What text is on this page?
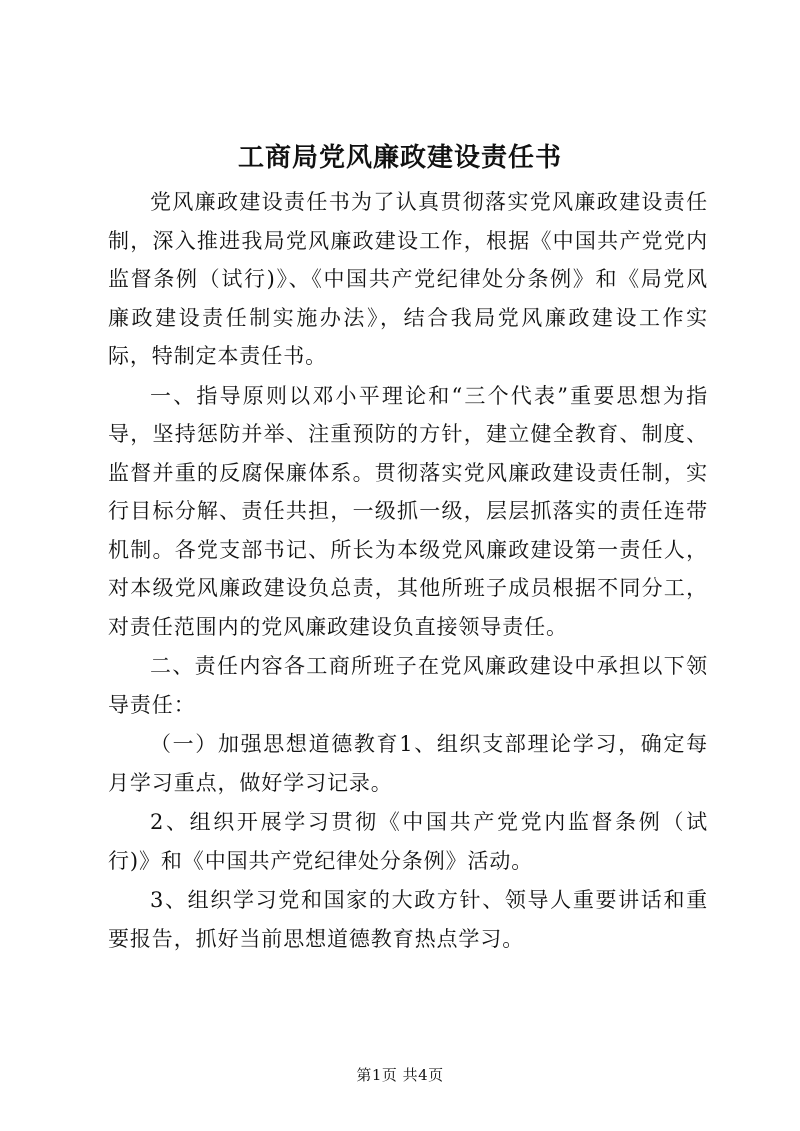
工商局党风廉政建设责任书

党风廉政建设责任书为了认真贯彻落实党风廉政建设责任制，深入推进我局党风廉政建设工作，根据《中国共产党党内监督条例（试行)》、《中国共产党纪律处分条例》和《局党风廉政建设责任制实施办法》，结合我局党风廉政建设工作实际，特制定本责任书。

一、指导原则以邓小平理论和“三个代表”重要思想为指导，坚持惩防并举、注重预防的方针，建立健全教育、制度、监督并重的反腐保廉体系。贯彻落实党风廉政建设责任制，实行目标分解、责任共担，一级抓一级，层层抓落实的责任连带机制。各党支部书记、所长为本级党风廉政建设第一责任人，对本级党风廉政建设负总责，其他所班子成员根据不同分工，对责任范围内的党风廉政建设负直接领导责任。

二、责任内容各工商所班子在党风廉政建设中承担以下领导责任：

（一）加强思想道德教育1、组织支部理论学习，确定每月学习重点，做好学习记录。

2、组织开展学习贯彻《中国共产党党内监督条例（试行)》和《中国共产党纪律处分条例》活动。

3、组织学习党和国家的大政方针、领导人重要讲话和重要报告，抓好当前思想道德教育热点学习。

第1页 共4页
